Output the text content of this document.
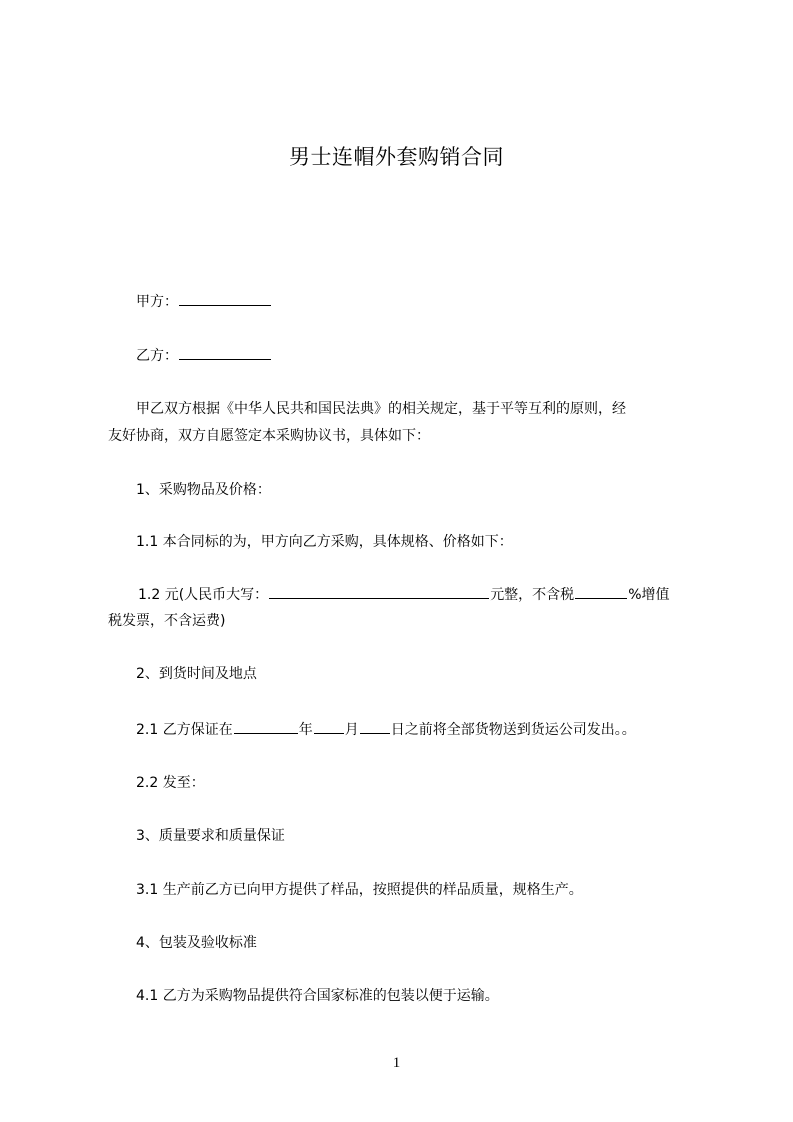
男士连帽外套购销合同
甲方：
乙方：
甲乙双方根据《中华人民共和国民法典》的相关规定，基于平等互利的原则，经
友好协商，双方自愿签定本采购协议书，具体如下：
1、采购物品及价格：
1.1 本合同标的为，甲方向乙方采购，具体规格、价格如下：
1.2 元(人民币大写：	元整，不含税	%增值
税发票，不含运费)
2、到货时间及地点
2.1 乙方保证在	年 月 日之前将全部货物送到货运公司发出。。
2.2 发至：
3、质量要求和质量保证
3.1 生产前乙方已向甲方提供了样品，按照提供的样品质量，规格生产。
4、包装及验收标准
4.1 乙方为采购物品提供符合国家标准的包装以便于运输。
1
